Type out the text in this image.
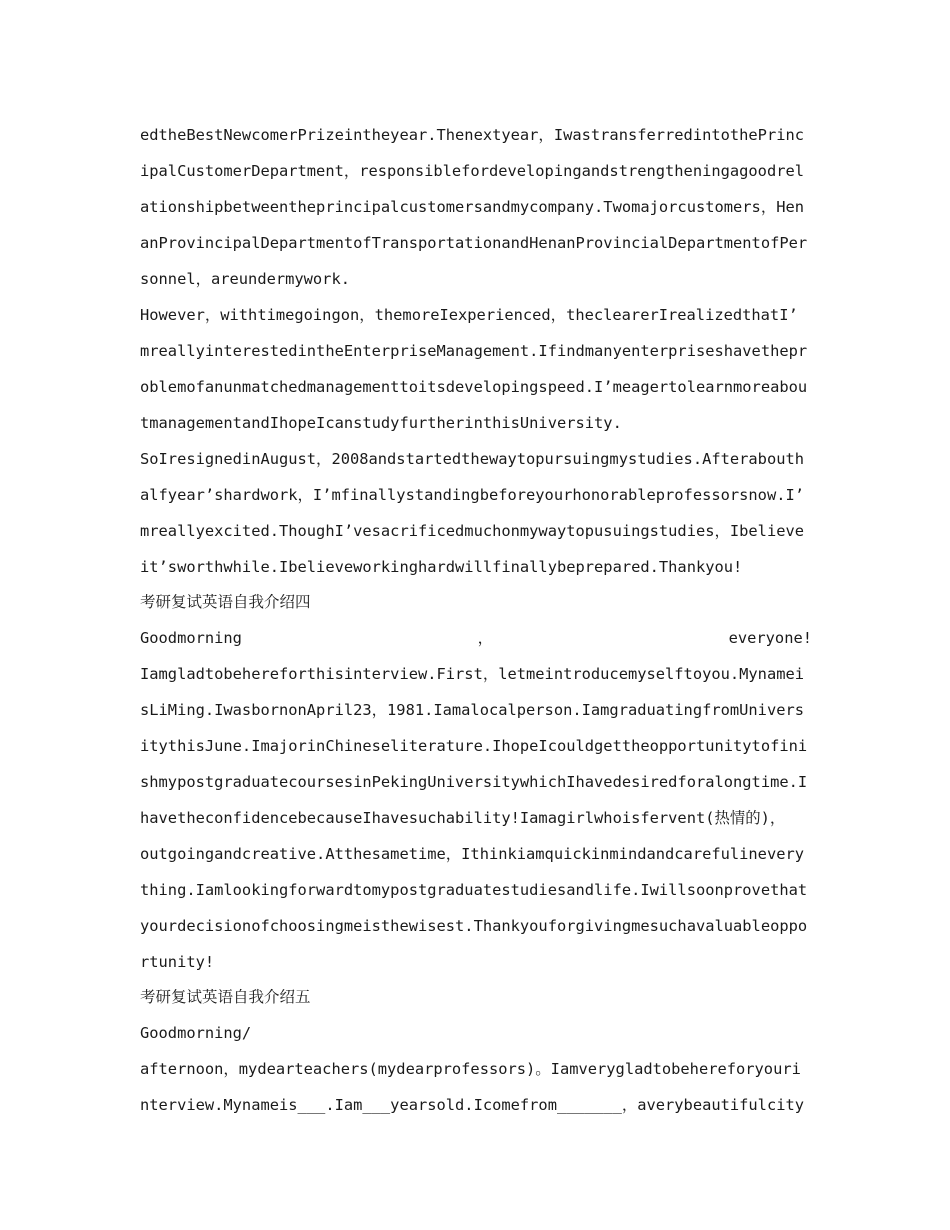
edtheBestNewcomerPrizeintheyear.Thenextyear，IwastransferredintothePrinc
ipalCustomerDepartment，responsiblefordevelopingandstrengtheningagoodrel
ationshipbetweentheprincipalcustomersandmycompany.Twomajorcustomers，Hen
anProvincipalDepartmentofTransportationandHenanProvincialDepartmentofPer
sonnel，areundermywork.
However，withtimegoingon，themoreIexperienced，theclearerIrealizedthatI’
mreallyinterestedintheEnterpriseManagement.Ifindmanyenterpriseshavethepr
oblemofanunmatchedmanagementtoitsdevelopingspeed.I’meagertolearnmoreabou
tmanagementandIhopeIcanstudyfurtherinthisUniversity.
SoIresignedinAugust，2008andstartedthewaytopursuingmystudies.Afterabouth
alfyear’shardwork，I’mfinallystandingbeforeyourhonorableprofessorsnow.I’
mreallyexcited.ThoughI’vesacrificedmuchonmywaytopusuingstudies，Ibelieve
it’sworthwhile.Ibelieveworkinghardwillfinallybeprepared.Thankyou!
考研复试英语自我介绍四
Goodmorning	，	everyone!
Iamgladtobehereforthisinterview.First，letmeintroducemyselftoyou.Mynamei
sLiMing.IwasbornonApril23，1981.Iamalocalperson.IamgraduatingfromUnivers
itythisJune.ImajorinChineseliterature.IhopeIcouldgettheopportunitytofini
shmypostgraduatecoursesinPekingUniversitywhichIhavedesiredforalongtime.I
havetheconfidencebecauseIhavesuchability!Iamagirlwhoisfervent(热情的)，
outgoingandcreative.Atthesametime，Ithinkiamquickinmindandcarefulinevery
thing.Iamlookingforwardtomypostgraduatestudiesandlife.Iwillsoonprovethat
yourdecisionofchoosingmeisthewisest.Thankyouforgivingmesuchavaluableoppo
rtunity!
考研复试英语自我介绍五
Goodmorning/
afternoon，mydearteachers(mydearprofessors)。Iamverygladtobehereforyouri
nterview.Mynameis___.Iam___yearsold.Icomefrom_______，averybeautifulcity
